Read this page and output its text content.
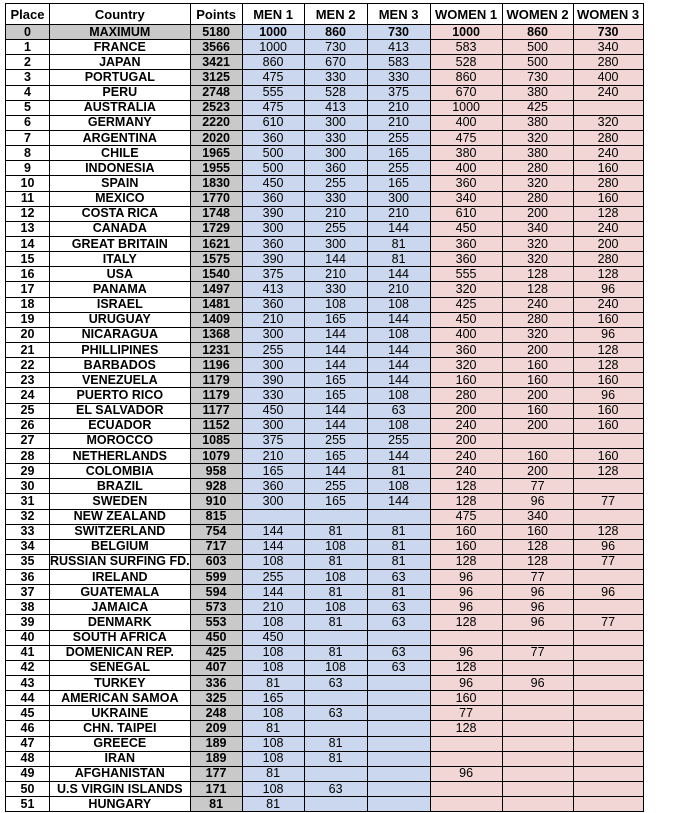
Place	Country	Points	MEN 1	MEN 2	MEN 3	WOMEN 1	WOMEN 2	WOMEN 3
0	MAXIMUM	5180	1000	860	730	1000	860	730
1	FRANCE	3566	1000	730	413	583	500	340
2	JAPAN	3421	860	670	583	528	500	280
3	PORTUGAL	3125	475	330	330	860	730	400
4	PERU	2748	555	528	375	670	380	240
5	AUSTRALIA	2523	475	413	210	1000	425	
6	GERMANY	2220	610	300	210	400	380	320
7	ARGENTINA	2020	360	330	255	475	320	280
8	CHILE	1965	500	300	165	380	380	240
9	INDONESIA	1955	500	360	255	400	280	160
10	SPAIN	1830	450	255	165	360	320	280
11	MEXICO	1770	360	330	300	340	280	160
12	COSTA RICA	1748	390	210	210	610	200	128
13	CANADA	1729	300	255	144	450	340	240
14	GREAT BRITAIN	1621	360	300	81	360	320	200
15	ITALY	1575	390	144	81	360	320	280
16	USA	1540	375	210	144	555	128	128
17	PANAMA	1497	413	330	210	320	128	96
18	ISRAEL	1481	360	108	108	425	240	240
19	URUGUAY	1409	210	165	144	450	280	160
20	NICARAGUA	1368	300	144	108	400	320	96
21	PHILLIPINES	1231	255	144	144	360	200	128
22	BARBADOS	1196	300	144	144	320	160	128
23	VENEZUELA	1179	390	165	144	160	160	160
24	PUERTO RICO	1179	330	165	108	280	200	96
25	EL SALVADOR	1177	450	144	63	200	160	160
26	ECUADOR	1152	300	144	108	240	200	160
27	MOROCCO	1085	375	255	255	200		
28	NETHERLANDS	1079	210	165	144	240	160	160
29	COLOMBIA	958	165	144	81	240	200	128
30	BRAZIL	928	360	255	108	128	77	
31	SWEDEN	910	300	165	144	128	96	77
32	NEW ZEALAND	815				475	340	
33	SWITZERLAND	754	144	81	81	160	160	128
34	BELGIUM	717	144	108	81	160	128	96
35	RUSSIAN SURFING FD.	603	108	81	81	128	128	77
36	IRELAND	599	255	108	63	96	77	
37	GUATEMALA	594	144	81	81	96	96	96
38	JAMAICA	573	210	108	63	96	96	
39	DENMARK	553	108	81	63	128	96	77
40	SOUTH AFRICA	450	450					
41	DOMENICAN REP.	425	108	81	63	96	77	
42	SENEGAL	407	108	108	63	128		
43	TURKEY	336	81	63		96	96	
44	AMERICAN SAMOA	325	165			160		
45	UKRAINE	248	108	63		77		
46	CHN. TAIPEI	209	81			128		
47	GREECE	189	108	81				
48	IRAN	189	108	81				
49	AFGHANISTAN	177	81			96		
50	U.S VIRGIN ISLANDS	171	108	63				
51	HUNGARY	81	81					
